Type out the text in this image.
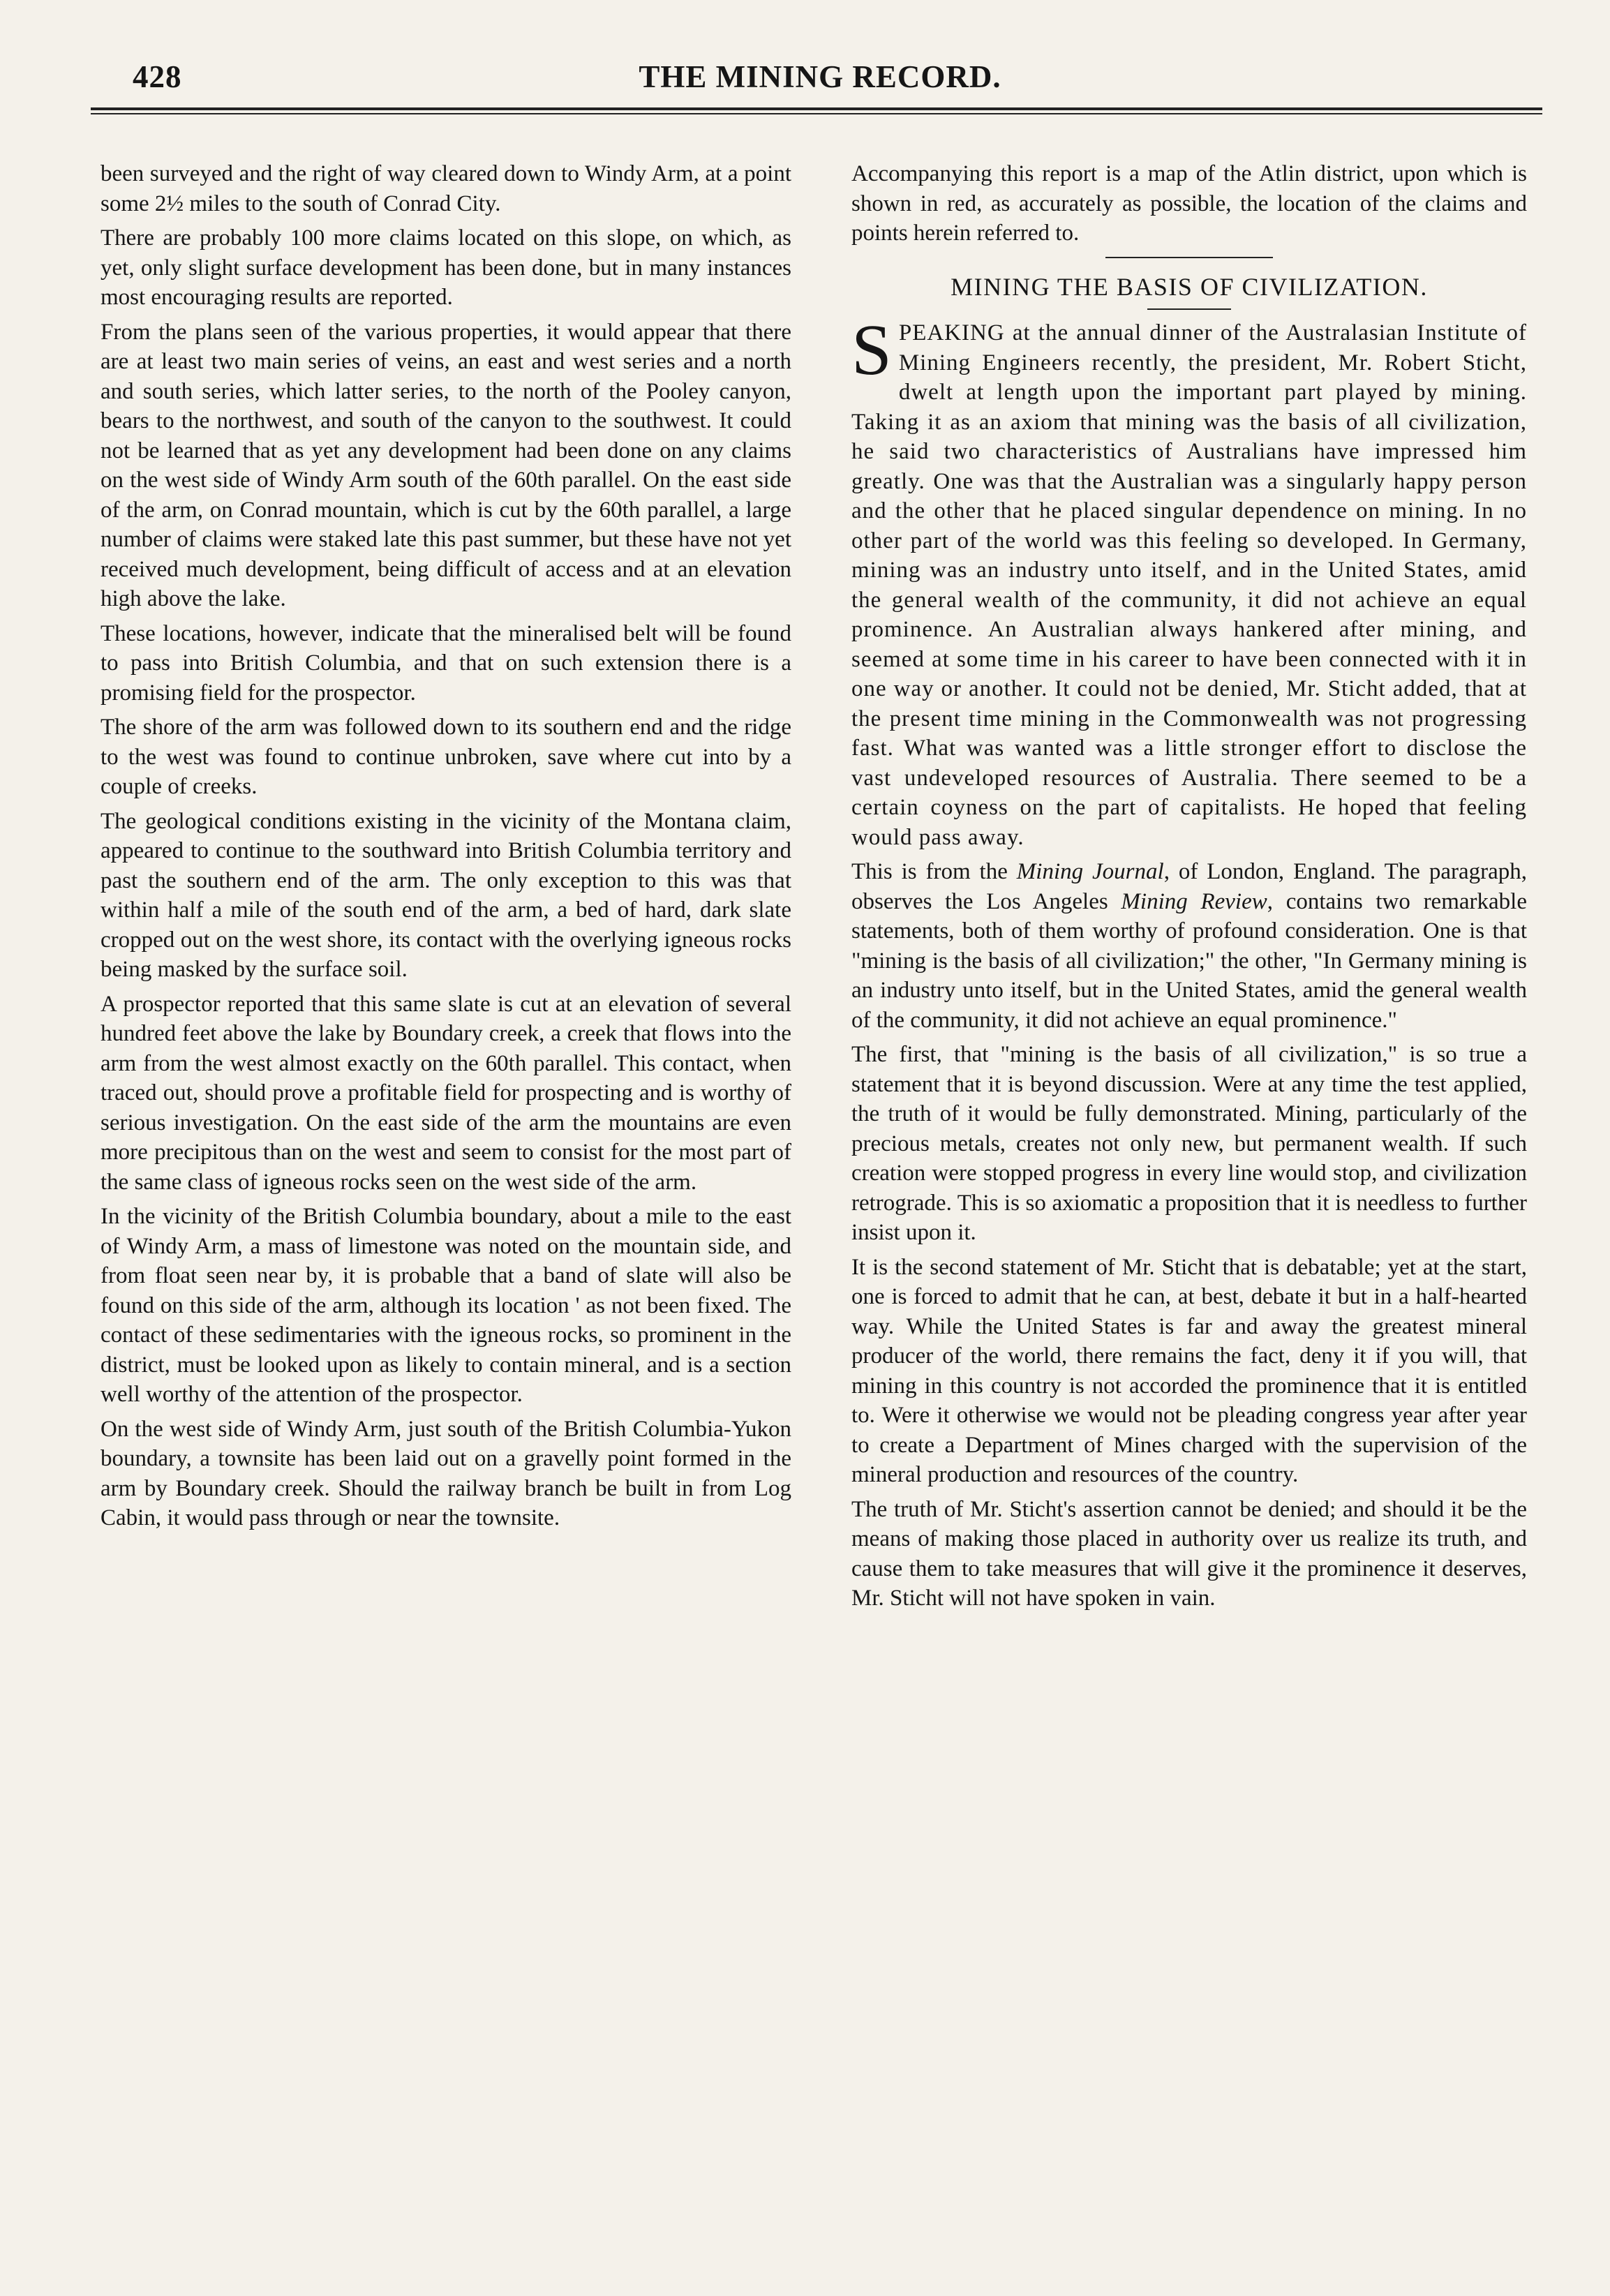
428	THE MINING RECORD.

been surveyed and the right of way cleared down to Windy Arm, at a point some 2½ miles to the south of Conrad City.

There are probably 100 more claims located on this slope, on which, as yet, only slight surface development has been done, but in many instances most encouraging results are reported.

From the plans seen of the various properties, it would appear that there are at least two main series of veins, an east and west series and a north and south series, which latter series, to the north of the Pooley canyon, bears to the northwest, and south of the canyon to the southwest. It could not be learned that as yet any development had been done on any claims on the west side of Windy Arm south of the 60th parallel. On the east side of the arm, on Conrad mountain, which is cut by the 60th parallel, a large number of claims were staked late this past summer, but these have not yet received much development, being difficult of access and at an elevation high above the lake.

These locations, however, indicate that the mineralised belt will be found to pass into British Columbia, and that on such extension there is a promising field for the prospector.

The shore of the arm was followed down to its southern end and the ridge to the west was found to continue unbroken, save where cut into by a couple of creeks.

The geological conditions existing in the vicinity of the Montana claim, appeared to continue to the southward into British Columbia territory and past the southern end of the arm. The only exception to this was that within half a mile of the south end of the arm, a bed of hard, dark slate cropped out on the west shore, its contact with the overlying igneous rocks being masked by the surface soil.

A prospector reported that this same slate is cut at an elevation of several hundred feet above the lake by Boundary creek, a creek that flows into the arm from the west almost exactly on the 60th parallel. This contact, when traced out, should prove a profitable field for prospecting and is worthy of serious investigation. On the east side of the arm the mountains are even more precipitous than on the west and seem to consist for the most part of the same class of igneous rocks seen on the west side of the arm.

In the vicinity of the British Columbia boundary, about a mile to the east of Windy Arm, a mass of limestone was noted on the mountain side, and from float seen near by, it is probable that a band of slate will also be found on this side of the arm, although its location ' as not been fixed. The contact of these sedimentaries with the igneous rocks, so prominent in the district, must be looked upon as likely to contain mineral, and is a section well worthy of the attention of the prospector.

On the west side of Windy Arm, just south of the British Columbia-Yukon boundary, a townsite has been laid out on a gravelly point formed in the arm by Boundary creek. Should the railway branch be built in from Log Cabin, it would pass through or near the townsite.

Accompanying this report is a map of the Atlin district, upon which is shown in red, as accurately as possible, the location of the claims and points herein referred to.

MINING THE BASIS OF CIVILIZATION.

SPEAKING at the annual dinner of the Australasian Institute of Mining Engineers recently, the president, Mr. Robert Sticht, dwelt at length upon the important part played by mining. Taking it as an axiom that mining was the basis of all civilization, he said two characteristics of Australians have impressed him greatly. One was that the Australian was a singularly happy person and the other that he placed singular dependence on mining. In no other part of the world was this feeling so developed. In Germany, mining was an industry unto itself, and in the United States, amid the general wealth of the community, it did not achieve an equal prominence. An Australian always hankered after mining, and seemed at some time in his career to have been connected with it in one way or another. It could not be denied, Mr. Sticht added, that at the present time mining in the Commonwealth was not progressing fast. What was wanted was a little stronger effort to disclose the vast undeveloped resources of Australia. There seemed to be a certain coyness on the part of capitalists. He hoped that feeling would pass away.

This is from the Mining Journal, of London, England. The paragraph, observes the Los Angeles Mining Review, contains two remarkable statements, both of them worthy of profound consideration. One is that "mining is the basis of all civilization;" the other, "In Germany mining is an industry unto itself, but in the United States, amid the general wealth of the community, it did not achieve an equal prominence."

The first, that "mining is the basis of all civilization," is so true a statement that it is beyond discussion. Were at any time the test applied, the truth of it would be fully demonstrated. Mining, particularly of the precious metals, creates not only new, but permanent wealth. If such creation were stopped progress in every line would stop, and civilization retrograde. This is so axiomatic a proposition that it is needless to further insist upon it.

It is the second statement of Mr. Sticht that is debatable; yet at the start, one is forced to admit that he can, at best, debate it but in a half-hearted way. While the United States is far and away the greatest mineral producer of the world, there remains the fact, deny it if you will, that mining in this country is not accorded the prominence that it is entitled to. Were it otherwise we would not be pleading congress year after year to create a Department of Mines charged with the supervision of the mineral production and resources of the country.

The truth of Mr. Sticht's assertion cannot be denied; and should it be the means of making those placed in authority over us realize its truth, and cause them to take measures that will give it the prominence it deserves, Mr. Sticht will not have spoken in vain.
